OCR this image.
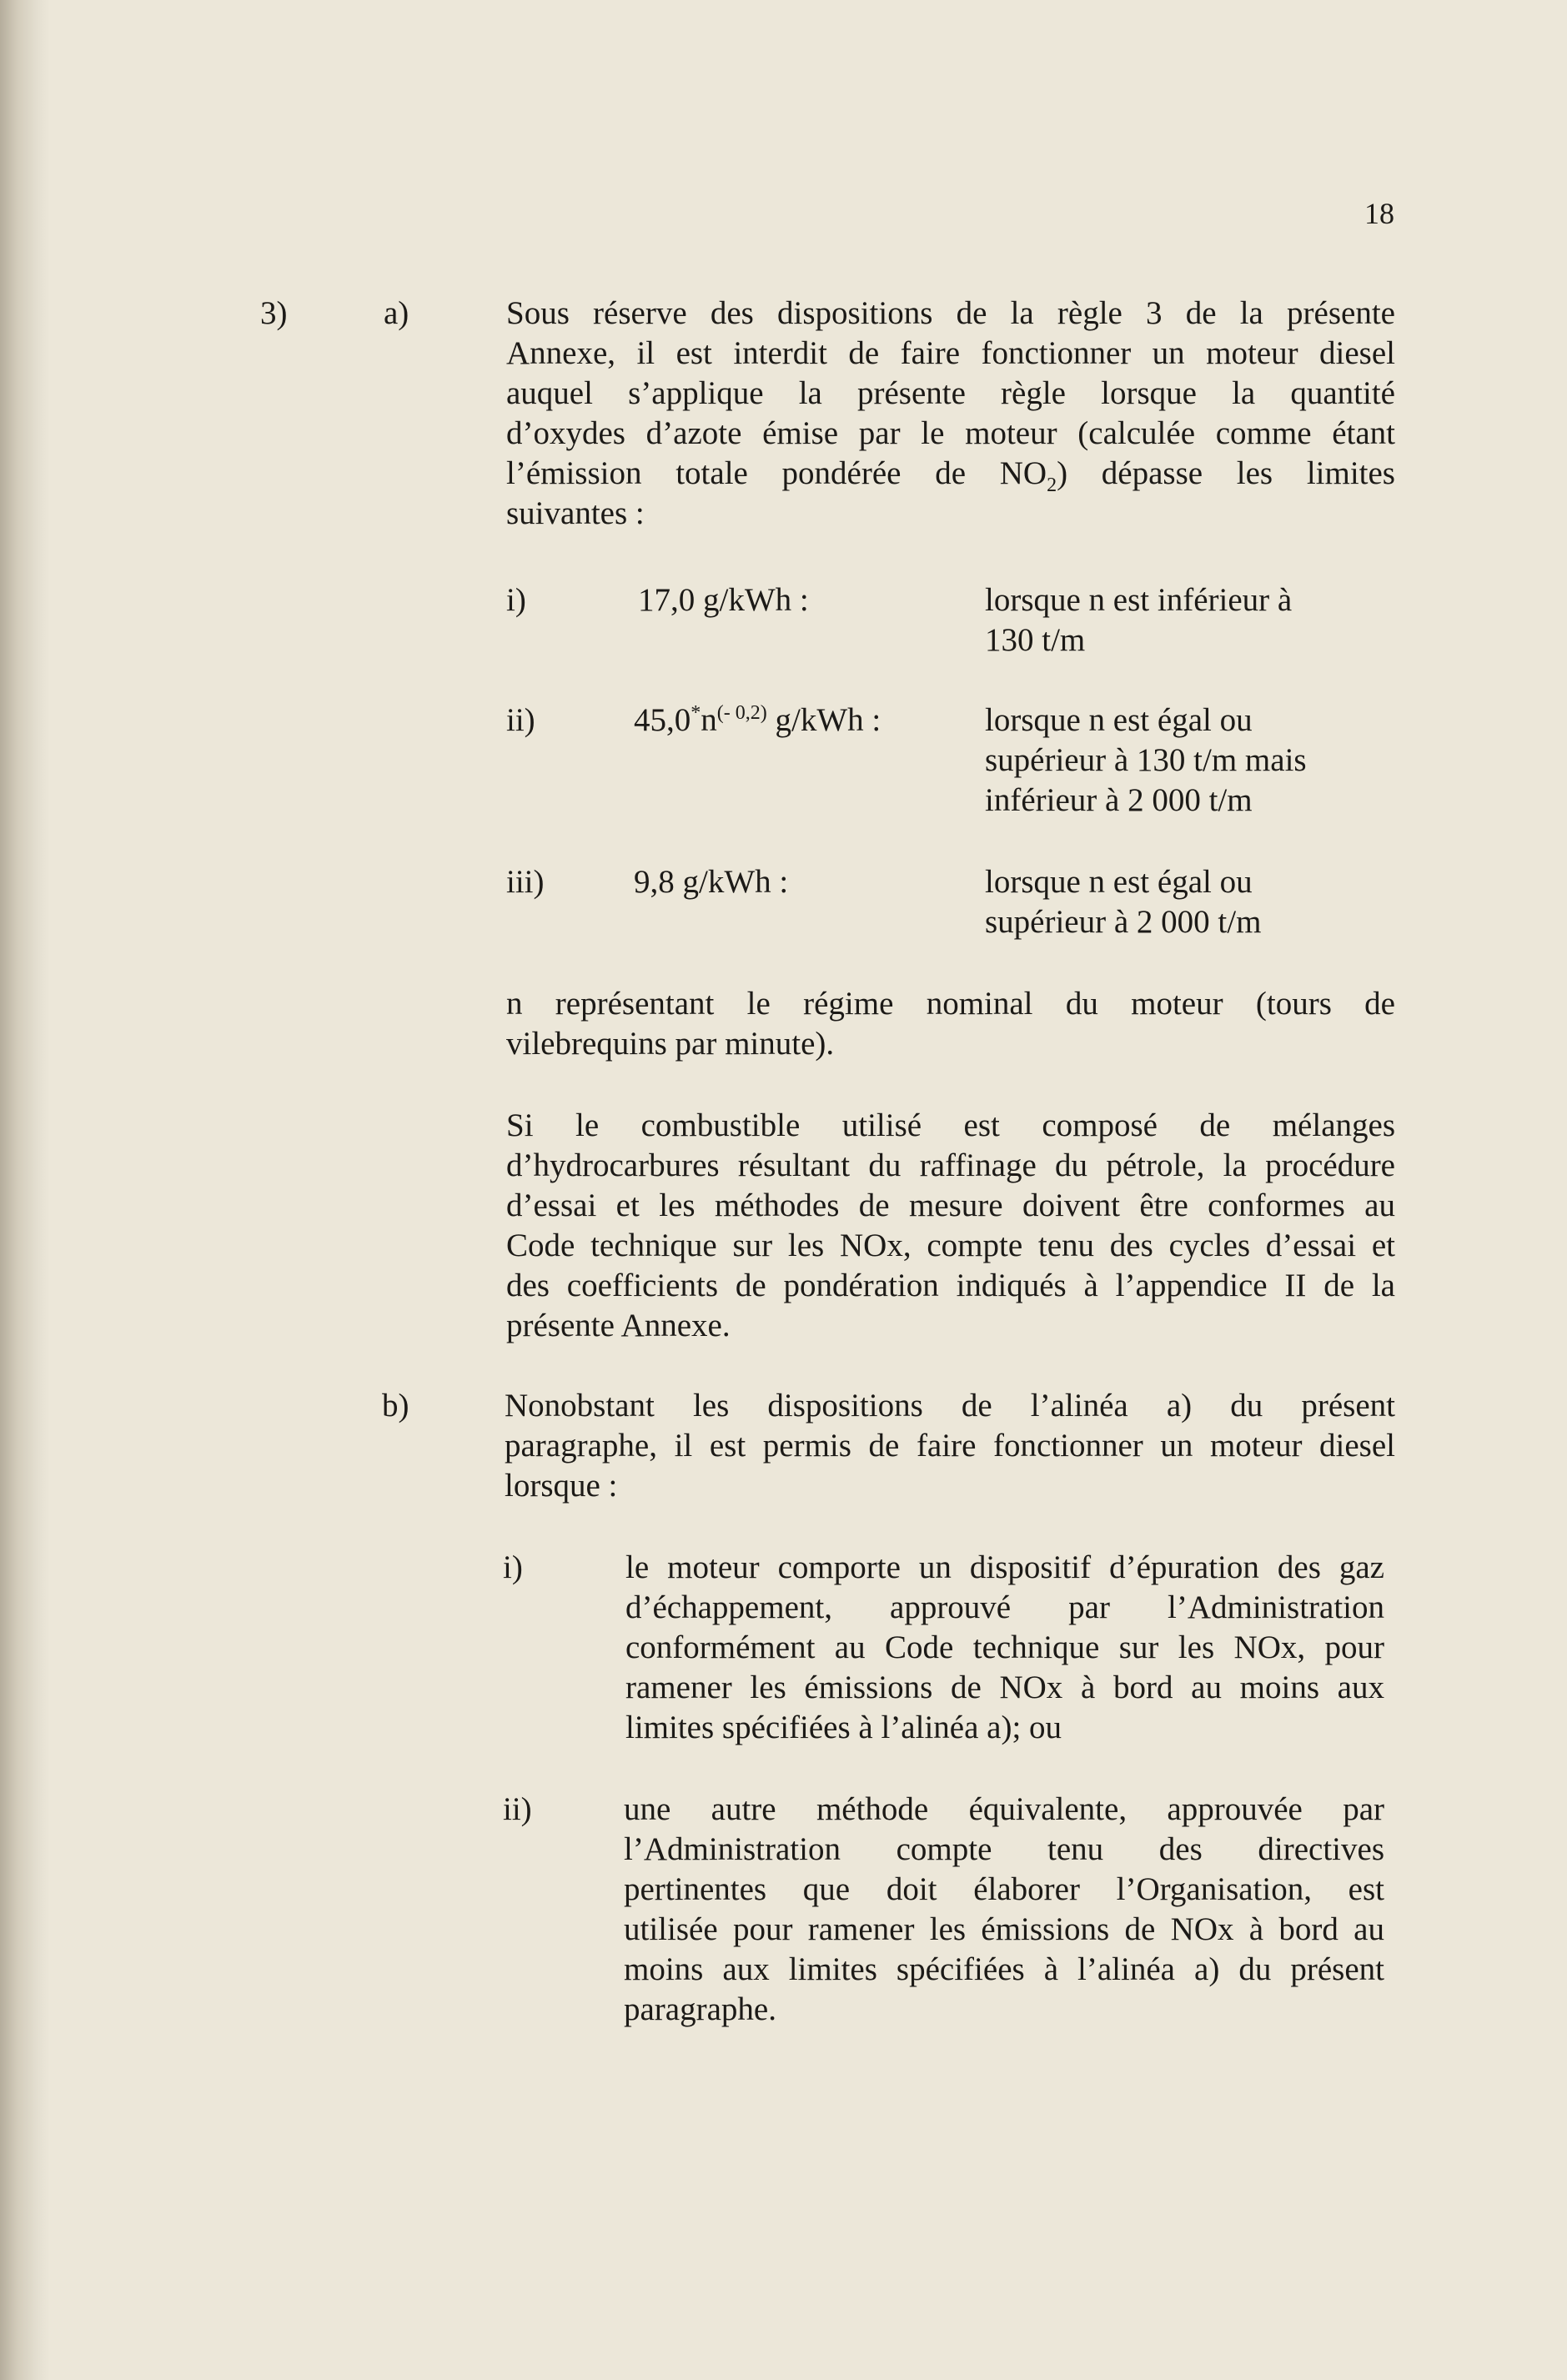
18
3)	a)	Sous réserve des dispositions de la règle 3 de la présente
Annexe, il est interdit de faire fonctionner un moteur diesel
auquel s’applique la présente règle lorsque la quantité
d’oxydes d’azote émise par le moteur (calculée comme étant
l’émission totale pondérée de $NO_2$) dépasse les limites
suivantes :
i)	17,0 g/kWh :	lorsque n est inférieur à
130 t/m
ii)	$45,0^*n^{(- 0,2)}$ g/kWh :	lorsque n est égal ou
supérieur à 130 t/m mais
inférieur à 2 000 t/m
iii)	9,8 g/kWh :	lorsque n est égal ou
supérieur à 2 000 t/m
n représentant le régime nominal du moteur (tours de
vilebrequins par minute).
Si le combustible utilisé est composé de mélanges
d’hydrocarbures résultant du raffinage du pétrole, la procédure
d’essai et les méthodes de mesure doivent être conformes au
Code technique sur les NOx, compte tenu des cycles d’essai et
des coefficients de pondération indiqués à l’appendice II de la
présente Annexe.
b)	Nonobstant les dispositions de l’alinéa a) du présent
paragraphe, il est permis de faire fonctionner un moteur diesel
lorsque :
i)	le moteur comporte un dispositif d’épuration des gaz
d’échappement, approuvé par l’Administration
conformément au Code technique sur les NOx, pour
ramener les émissions de NOx à bord au moins aux
limites spécifiées à l’alinéa a); ou
ii)	une autre méthode équivalente, approuvée par
l’Administration compte tenu des directives
pertinentes que doit élaborer l’Organisation, est
utilisée pour ramener les émissions de NOx à bord au
moins aux limites spécifiées à l’alinéa a) du présent
paragraphe.
